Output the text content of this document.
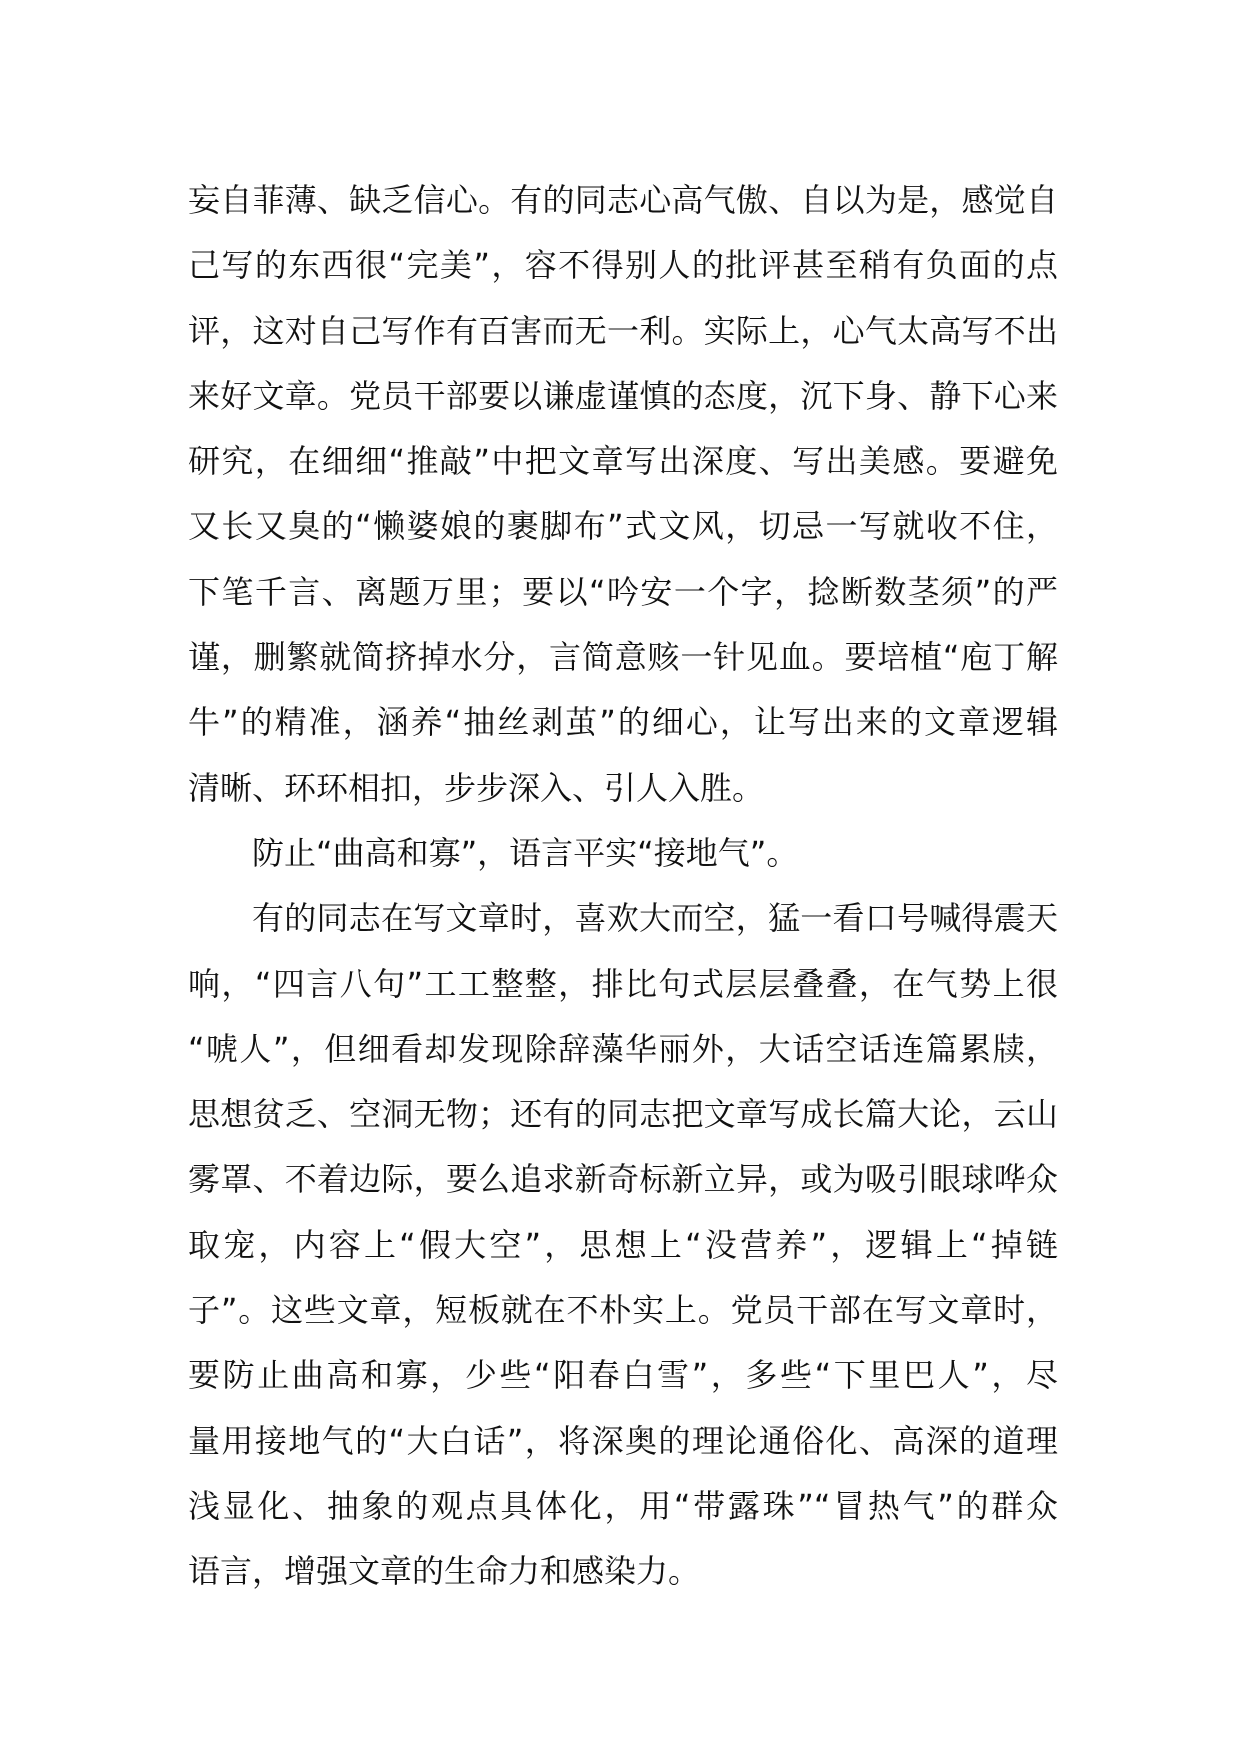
妄自菲薄、缺乏信心。有的同志心高气傲、自以为是，感觉自
己写的东西很“完美”，容不得别人的批评甚至稍有负面的点
评，这对自己写作有百害而无一利。实际上，心气太高写不出
来好文章。党员干部要以谦虚谨慎的态度，沉下身、静下心来
研究，在细细“推敲”中把文章写出深度、写出美感。要避免
又长又臭的“懒婆娘的裹脚布”式文风，切忌一写就收不住，
下笔千言、离题万里；要以“吟安一个字，捻断数茎须”的严
谨，删繁就简挤掉水分，言简意赅一针见血。要培植“庖丁解
牛”的精准，涵养“抽丝剥茧”的细心，让写出来的文章逻辑
清晰、环环相扣，步步深入、引人入胜。
防止“曲高和寡”，语言平实“接地气”。
有的同志在写文章时，喜欢大而空，猛一看口号喊得震天
响，“四言八句”工工整整，排比句式层层叠叠，在气势上很
“唬人”，但细看却发现除辞藻华丽外，大话空话连篇累牍，
思想贫乏、空洞无物；还有的同志把文章写成长篇大论，云山
雾罩、不着边际，要么追求新奇标新立异，或为吸引眼球哗众
取宠，内容上“假大空”，思想上“没营养”，逻辑上“掉链
子”。这些文章，短板就在不朴实上。党员干部在写文章时，
要防止曲高和寡，少些“阳春白雪”，多些“下里巴人”，尽
量用接地气的“大白话”，将深奥的理论通俗化、高深的道理
浅显化、抽象的观点具体化，用“带露珠”“冒热气”的群众
语言，增强文章的生命力和感染力。
